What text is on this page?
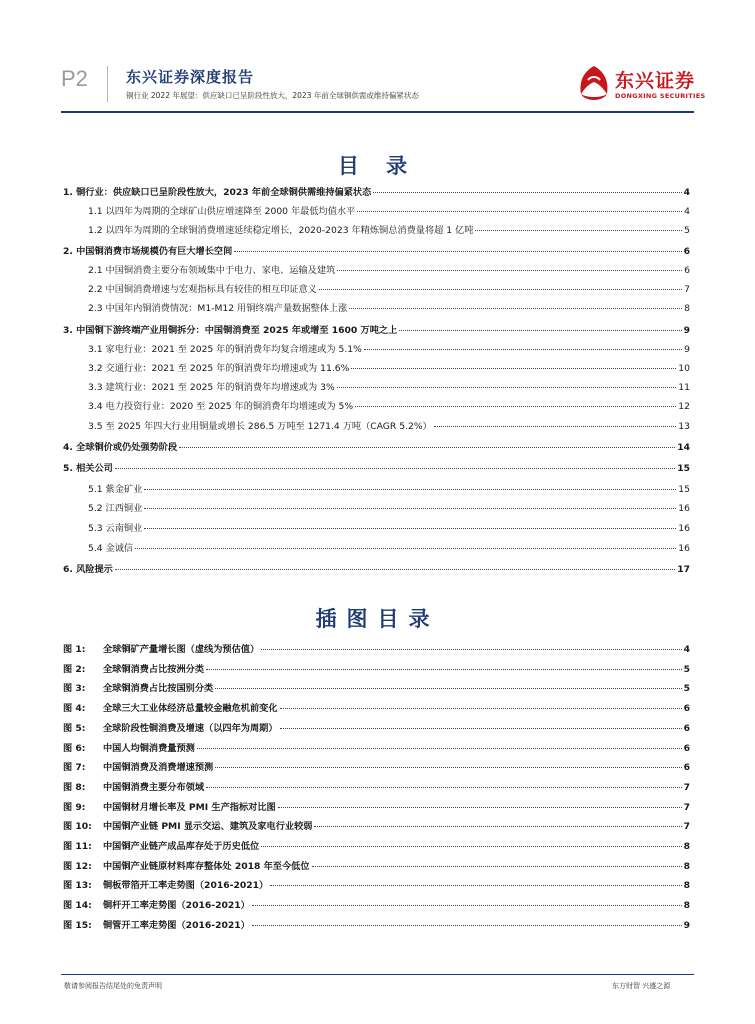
P2	东兴证券深度报告
铜行业 2022 年展望：供应缺口已呈阶段性放大，2023 年前全球铜供需或维持偏紧状态
东兴证券
DONGXING SECURITIES
目 录
1. 铜行业：供应缺口已呈阶段性放大，2023 年前全球铜供需维持偏紧状态	4
1.1 以四年为周期的全球矿山供应增速降至 2000 年最低均值水平	4
1.2 以四年为周期的全球铜消费增速延续稳定增长，2020-2023 年精炼铜总消费量将超 1 亿吨	5
2. 中国铜消费市场规模仍有巨大增长空间	6
2.1 中国铜消费主要分布领域集中于电力、家电、运输及建筑	6
2.2 中国铜消费增速与宏观指标具有较佳的相互印证意义	7
2.3 中国年内铜消费情况：M1-M12 用铜终端产量数据整体上涨	8
3. 中国铜下游终端产业用铜拆分：中国铜消费至 2025 年或增至 1600 万吨之上	9
3.1 家电行业：2021 至 2025 年的铜消费年均复合增速或为 5.1%	9
3.2 交通行业：2021 至 2025 年的铜消费年均增速或为 11.6%	10
3.3 建筑行业：2021 至 2025 年的铜消费年均增速或为 3%	11
3.4 电力投资行业：2020 至 2025 年的铜消费年均增速或为 5%	12
3.5 至 2025 年四大行业用铜量或增长 286.5 万吨至 1271.4 万吨（CAGR 5.2%）	13
4. 全球铜价或仍处强势阶段	14
5. 相关公司	15
5.1 紫金矿业	15
5.2 江西铜业	16
5.3 云南铜业	16
5.4 金诚信	16
6. 风险提示	17
插图目录
图 1: 全球铜矿产量增长图（虚线为预估值）	4
图 2: 全球铜消费占比按洲分类	5
图 3: 全球铜消费占比按国别分类	5
图 4: 全球三大工业体经济总量较金融危机前变化	6
图 5: 全球阶段性铜消费及增速（以四年为周期）	6
图 6: 中国人均铜消费量预测	6
图 7: 中国铜消费及消费增速预测	6
图 8: 中国铜消费主要分布领域	7
图 9: 中国铜材月增长率及 PMI 生产指标对比图	7
图 10: 中国铜产业链 PMI 显示交运、建筑及家电行业较弱	7
图 11: 中国铜产业链产成品库存处于历史低位	8
图 12: 中国铜产业链原材料库存整体处 2018 年至今低位	8
图 13: 铜板带箔开工率走势图（2016-2021）	8
图 14: 铜杆开工率走势图（2016-2021）	8
图 15: 铜管开工率走势图（2016-2021）	9
敬请参阅报告结尾处的免责声明	东方财智 兴盛之源
